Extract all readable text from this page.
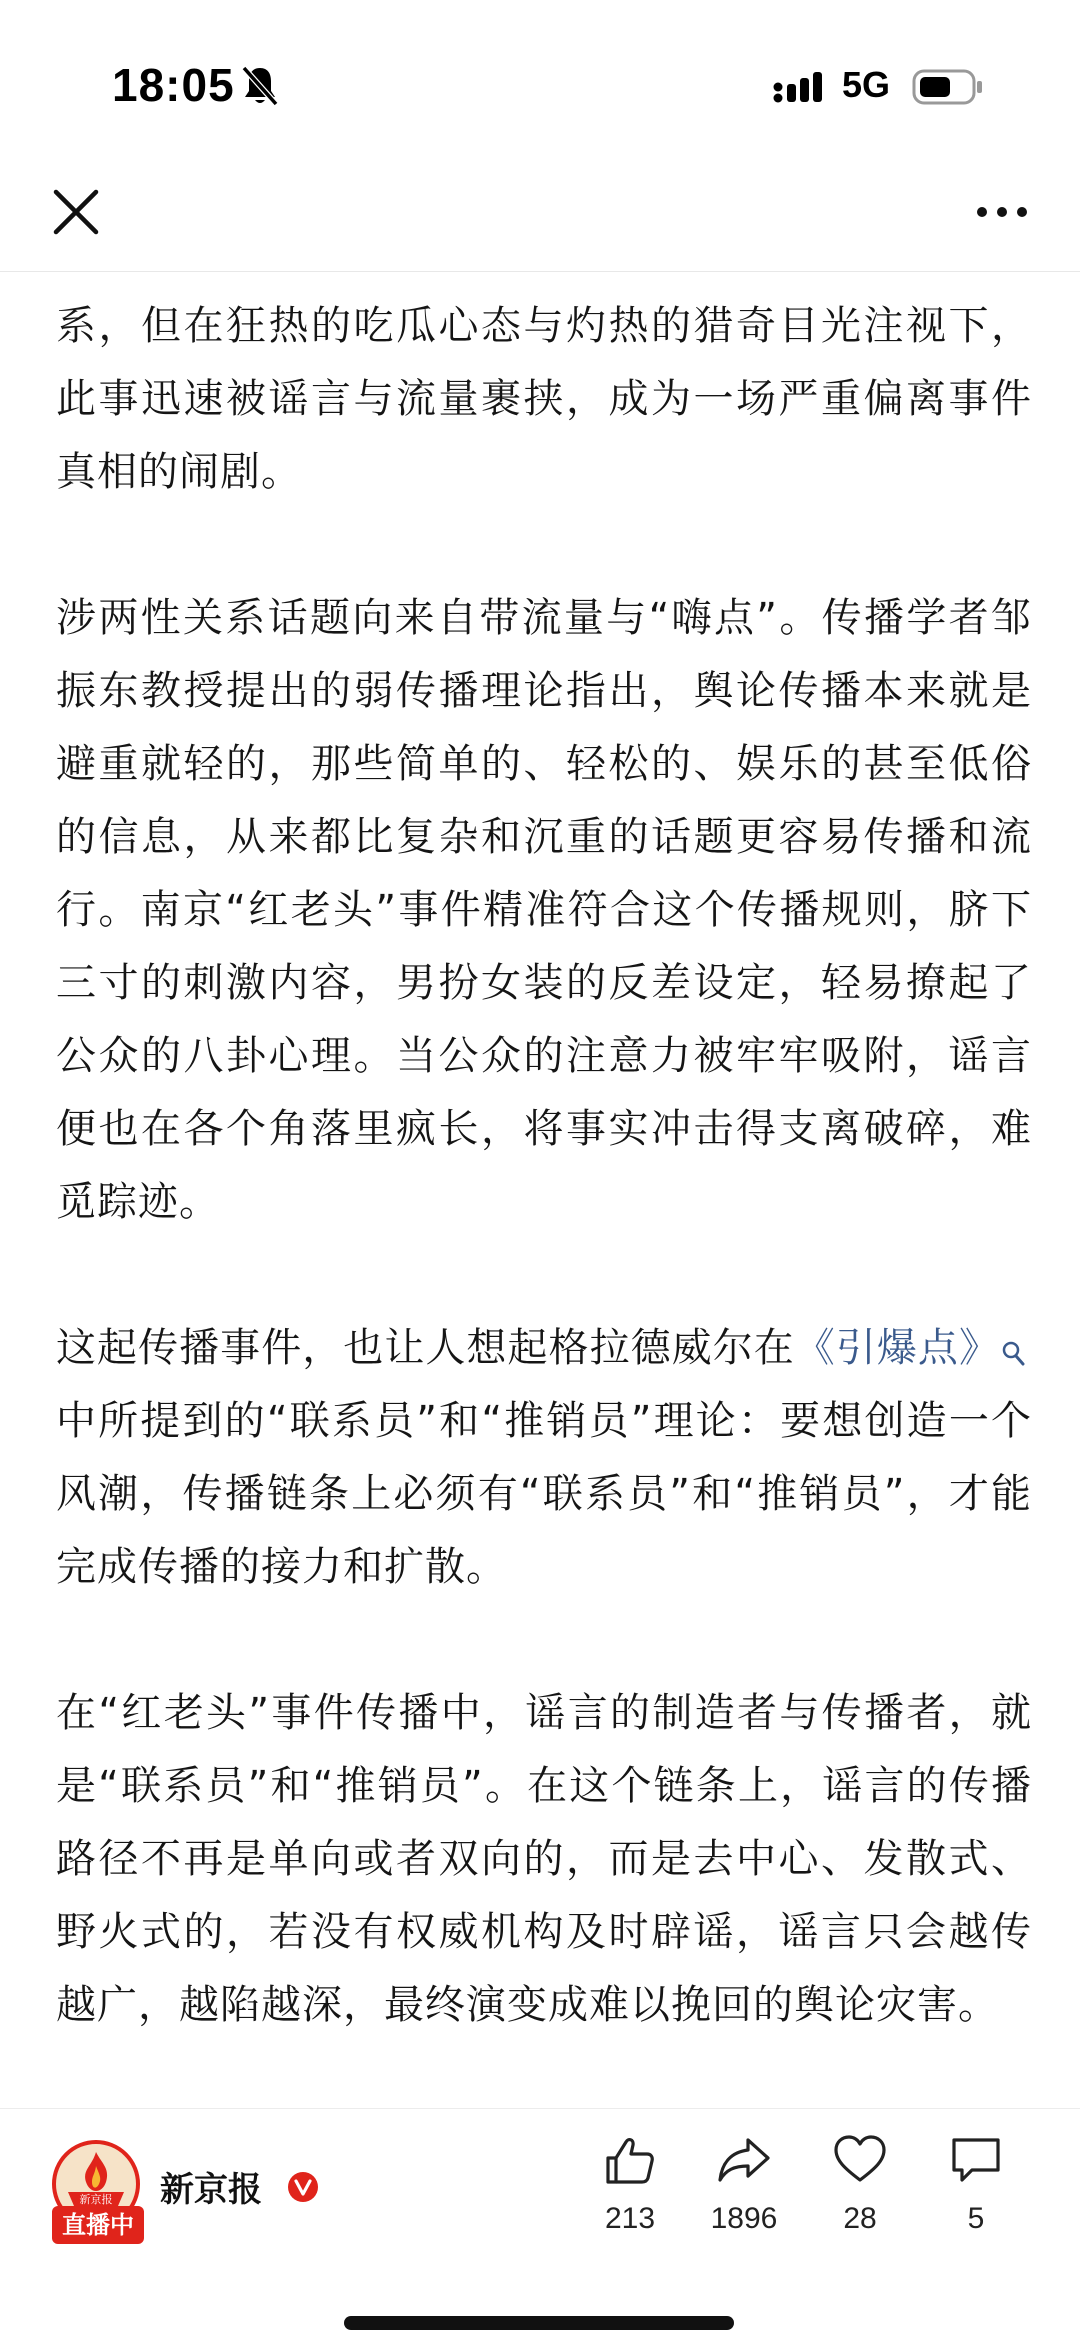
18:05	5G

系，但在狂热的吃瓜心态与灼热的猎奇目光注视下，此事迅速被谣言与流量裹挟，成为一场严重偏离事件真相的闹剧。

涉两性关系话题向来自带流量与“嗨点”。传播学者邹振东教授提出的弱传播理论指出，舆论传播本来就是避重就轻的，那些简单的、轻松的、娱乐的甚至低俗的信息，从来都比复杂和沉重的话题更容易传播和流行。南京“红老头”事件精准符合这个传播规则，脐下三寸的刺激内容，男扮女装的反差设定，轻易撩起了公众的八卦心理。当公众的注意力被牢牢吸附，谣言便也在各个角落里疯长，将事实冲击得支离破碎，难觅踪迹。

这起传播事件，也让人想起格拉德威尔在《引爆点》中所提到的“联系员”和“推销员”理论：要想创造一个风潮，传播链条上必须有“联系员”和“推销员”，才能完成传播的接力和扩散。

在“红老头”事件传播中，谣言的制造者与传播者，就是“联系员”和“推销员”。在这个链条上，谣言的传播路径不再是单向或者双向的，而是去中心、发散式、野火式的，若没有权威机构及时辟谣，谣言只会越传越广，越陷越深，最终演变成难以挽回的舆论灾害。

新京报
直播中
新京报
213	1896	28	5
